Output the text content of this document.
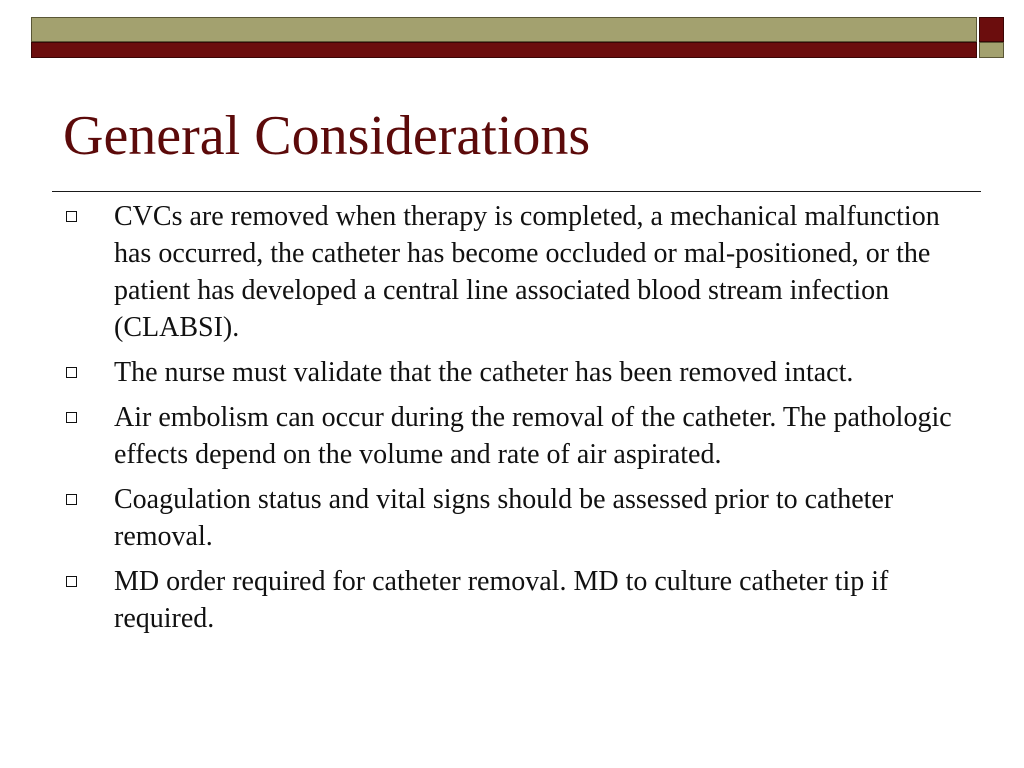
General Considerations
CVCs are removed when therapy is completed, a mechanical malfunction has occurred, the catheter has become occluded or mal-positioned, or the patient has developed a central line associated blood stream infection (CLABSI).
The nurse must validate that the catheter has been removed intact.
Air embolism can occur during the removal of the catheter. The pathologic effects depend on the volume and rate of air aspirated.
Coagulation status and vital signs should be assessed prior to catheter removal.
MD order required for catheter removal. MD to culture catheter tip if required.
